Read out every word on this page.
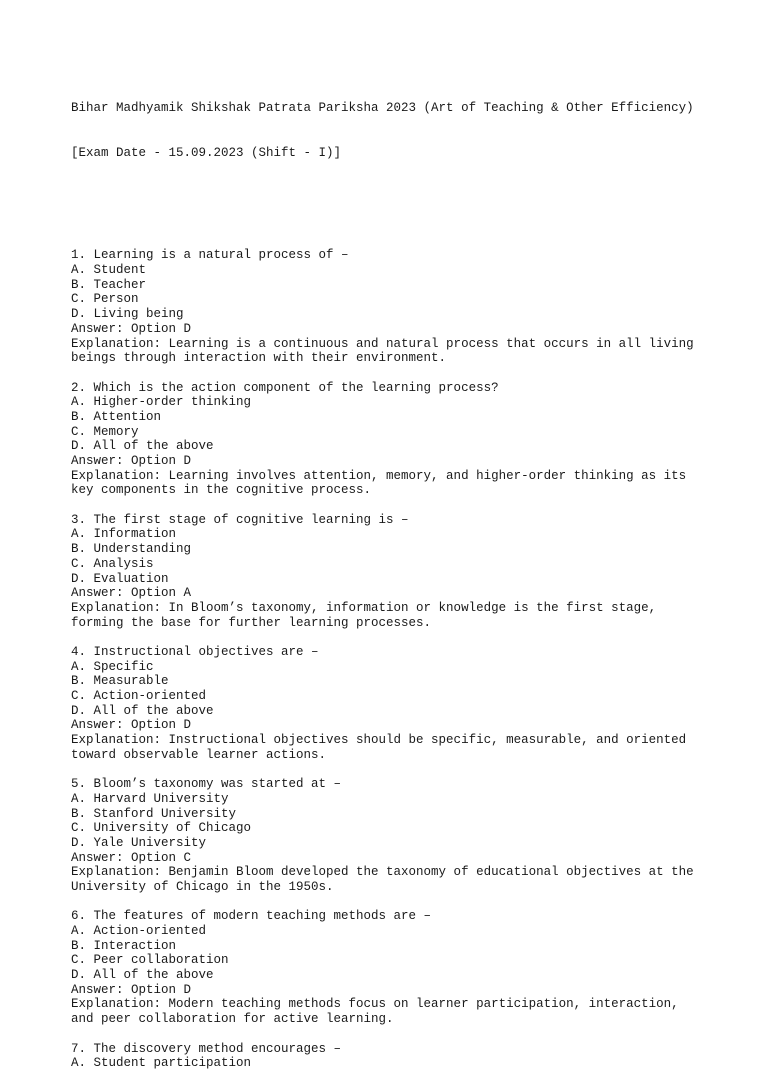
Bihar Madhyamik Shikshak Patrata Pariksha 2023 (Art of Teaching & Other Efficiency)

[Exam Date - 15.09.2023 (Shift - I)]

1. Learning is a natural process of –
A. Student
B. Teacher
C. Person
D. Living being
Answer: Option D
Explanation: Learning is a continuous and natural process that occurs in all living
beings through interaction with their environment.
2. Which is the action component of the learning process?
A. Higher-order thinking
B. Attention
C. Memory
D. All of the above
Answer: Option D
Explanation: Learning involves attention, memory, and higher-order thinking as its
key components in the cognitive process.
3. The first stage of cognitive learning is –
A. Information
B. Understanding
C. Analysis
D. Evaluation
Answer: Option A
Explanation: In Bloom’s taxonomy, information or knowledge is the first stage,
forming the base for further learning processes.
4. Instructional objectives are –
A. Specific
B. Measurable
C. Action-oriented
D. All of the above
Answer: Option D
Explanation: Instructional objectives should be specific, measurable, and oriented
toward observable learner actions.
5. Bloom’s taxonomy was started at –
A. Harvard University
B. Stanford University
C. University of Chicago
D. Yale University
Answer: Option C
Explanation: Benjamin Bloom developed the taxonomy of educational objectives at the
University of Chicago in the 1950s.
6. The features of modern teaching methods are –
A. Action-oriented
B. Interaction
C. Peer collaboration
D. All of the above
Answer: Option D
Explanation: Modern teaching methods focus on learner participation, interaction,
and peer collaboration for active learning.
7. The discovery method encourages –
A. Student participation
